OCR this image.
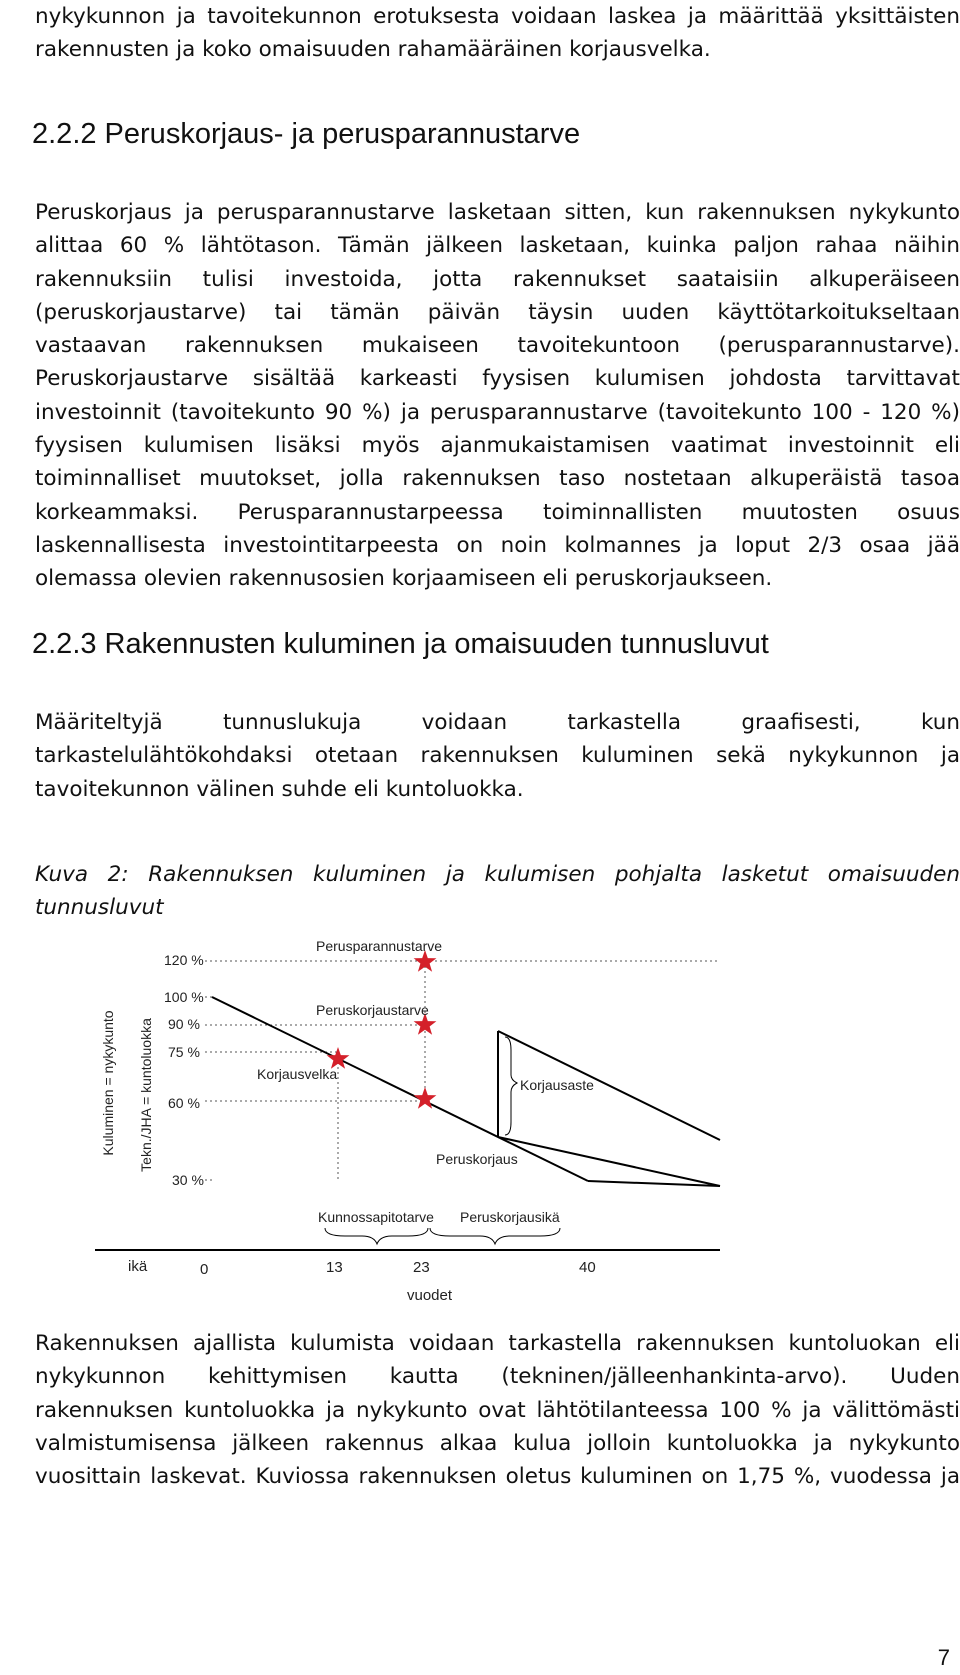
nykykunnon ja tavoitekunnon erotuksesta voidaan laskea ja määrittää yksittäisten
rakennusten ja koko omaisuuden rahamääräinen korjausvelka.
2.2.2 Peruskorjaus- ja perusparannustarve
Peruskorjaus ja perusparannustarve lasketaan sitten, kun rakennuksen nykykunto
alittaa 60 % lähtötason. Tämän jälkeen lasketaan, kuinka paljon rahaa näihin
rakennuksiin tulisi investoida, jotta rakennukset saataisiin alkuperäiseen
(peruskorjaustarve) tai tämän päivän täysin uuden käyttötarkoitukseltaan
vastaavan rakennuksen mukaiseen tavoitekuntoon (perusparannustarve).
Peruskorjaustarve sisältää karkeasti fyysisen kulumisen johdosta tarvittavat
investoinnit (tavoitekunto 90 %) ja perusparannustarve (tavoitekunto 100 - 120 %)
fyysisen kulumisen lisäksi myös ajanmukaistamisen vaatimat investoinnit eli
toiminnalliset muutokset, jolla rakennuksen taso nostetaan alkuperäistä tasoa
korkeammaksi. Perusparannustarpeessa toiminnallisten muutosten osuus
laskennallisesta investointitarpeesta on noin kolmannes ja loput 2/3 osaa jää
olemassa olevien rakennusosien korjaamiseen eli peruskorjaukseen.
2.2.3 Rakennusten kuluminen ja omaisuuden tunnusluvut
Määriteltyjä tunnuslukuja voidaan tarkastella graafisesti, kun
tarkastelulähtökohdaksi otetaan rakennuksen kuluminen sekä nykykunnon ja
tavoitekunnon välinen suhde eli kuntoluokka.
Kuva 2: Rakennuksen kuluminen ja kulumisen pohjalta lasketut omaisuuden
tunnusluvut
Kuluminen = nykykunto Tekn./JHA = kuntoluokka
120 %
100 %
90 %
75 %
60 %
30 %
Perusparannustarve
Peruskorjaustarve
Korjausvelka
Korjausaste
Peruskorjaus
Kunnossapitotarve Peruskorjausikä
ikä	0	13	23	40
vuodet
Rakennuksen ajallista kulumista voidaan tarkastella rakennuksen kuntoluokan eli
nykykunnon kehittymisen kautta (tekninen/jälleenhankinta-arvo). Uuden
rakennuksen kuntoluokka ja nykykunto ovat lähtötilanteessa 100 % ja välittömästi
valmistumisensa jälkeen rakennus alkaa kulua jolloin kuntoluokka ja nykykunto
vuosittain laskevat. Kuviossa rakennuksen oletus kuluminen on 1,75 %, vuodessa ja
7
